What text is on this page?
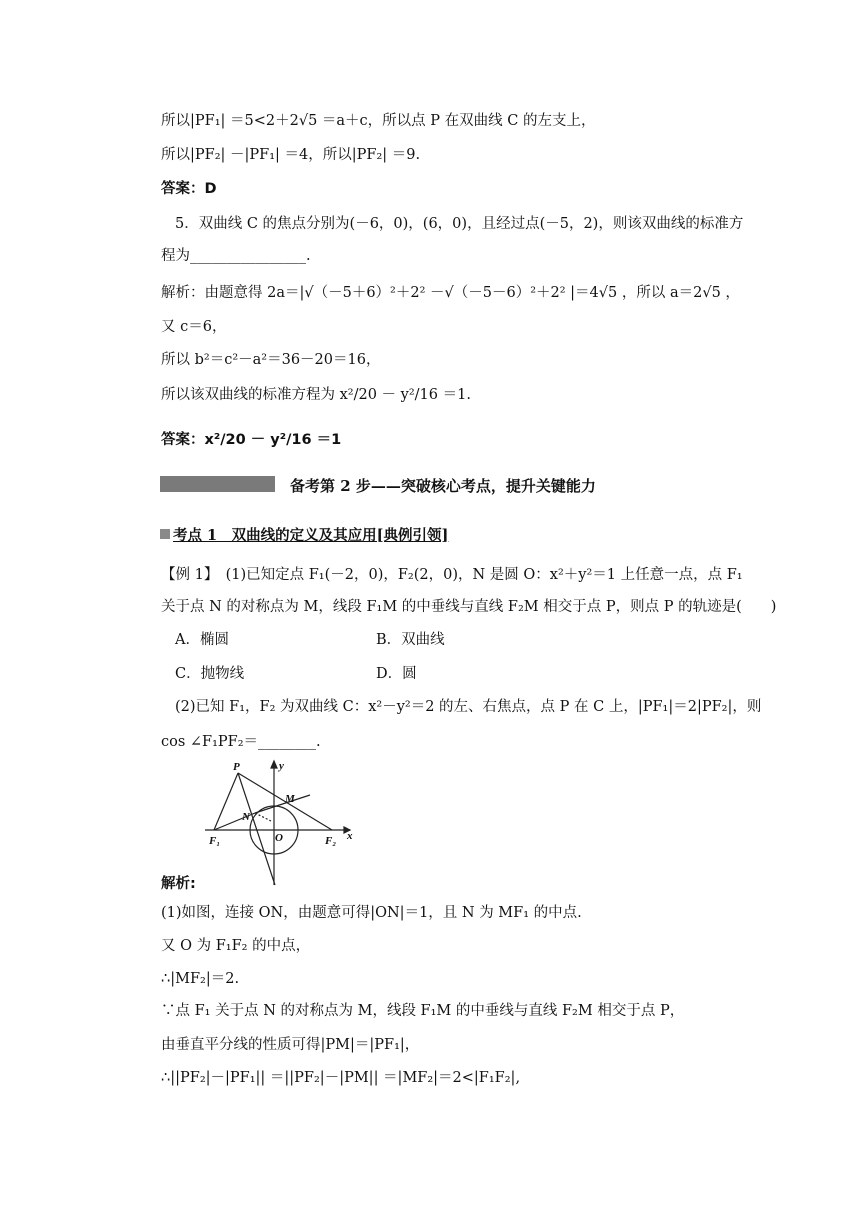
所以|PF₁| ＝5<2＋2√5 ＝a＋c，所以点 P 在双曲线 C 的左支上，
所以|PF₂| －|PF₁| ＝4，所以|PF₂| ＝9.
答案：D
5．双曲线 C 的焦点分别为(－6，0)，(6，0)，且经过点(－5，2)，则该双曲线的标准方
程为________________.
解析：由题意得 2a＝|√（－5＋6）²＋2² －√（－5－6）²＋2² |＝4√5 ，所以 a＝2√5 ，
又 c＝6，
所以 b²＝c²－a²＝36－20＝16，
所以该双曲线的标准方程为 x²/20 － y²/16 ＝1.
答案：x²/20 － y²/16 ＝1
备考第 2 步——突破核心考点，提升关键能力
考点 1　双曲线的定义及其应用[典例引领]
【例 1】　(1)已知定点 F₁(－2，0)，F₂(2，0)，N 是圆 O：x²＋y²＝1 上任意一点，点 F₁
关于点 N 的对称点为 M，线段 F₁M 的中垂线与直线 F₂M 相交于点 P，则点 P 的轨迹是(　　)
A．椭圆	B．双曲线
C．抛物线	D．圆
(2)已知 F₁，F₂ 为双曲线 C：x²－y²＝2 的左、右焦点，点 P 在 C 上，|PF₁|＝2|PF₂|，则
cos ∠F₁PF₂＝________.
P
M
N
O
F₁	F₂ x
y
解析:
(1)如图，连接 ON，由题意可得|ON|＝1，且 N 为 MF₁ 的中点.
又 O 为 F₁F₂ 的中点，
∴|MF₂|＝2.
∵点 F₁ 关于点 N 的对称点为 M，线段 F₁M 的中垂线与直线 F₂M 相交于点 P，
由垂直平分线的性质可得|PM|＝|PF₁|，
∴||PF₂|－|PF₁|| ＝||PF₂|－|PM|| ＝|MF₂|＝2<|F₁F₂|,
